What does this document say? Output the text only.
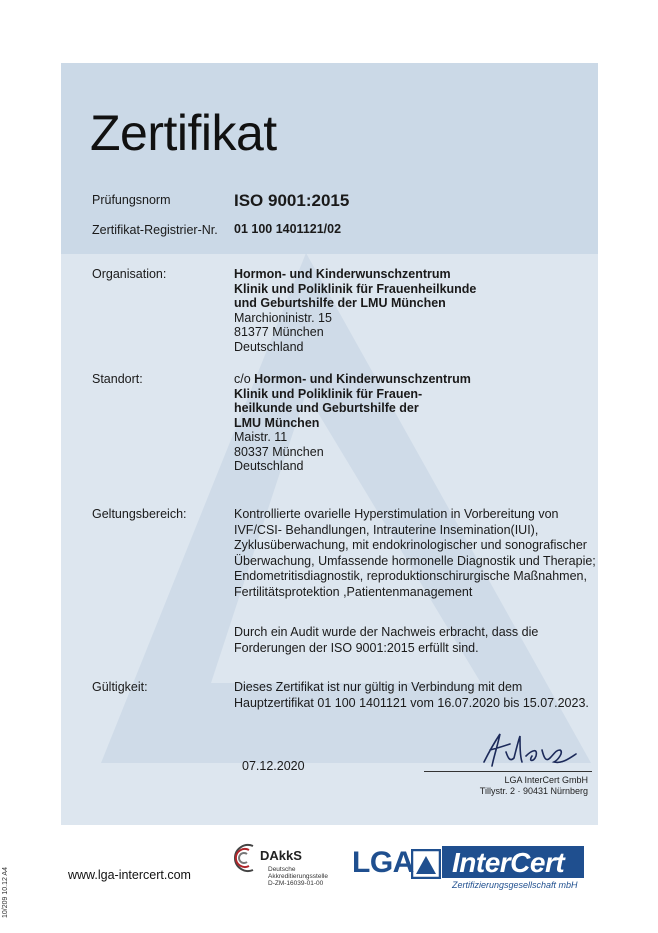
Zertifikat
Prüfungsnorm	ISO 9001:2015
Zertifikat-Registrier-Nr. 01 100 1401121/02
Organisation:	Hormon- und Kinderwunschzentrum
Klinik und Poliklinik für Frauenheilkunde
und Geburtshilfe der LMU München
Marchioninistr. 15
81377 München
Deutschland
Standort:	c/o Hormon- und Kinderwunschzentrum
Klinik und Poliklinik für Frauen-
heilkunde und Geburtshilfe der
LMU München
Maistr. 11
80337 München
Deutschland
Geltungsbereich:	Kontrollierte ovarielle Hyperstimulation in Vorbereitung von
IVF/CSI- Behandlungen, Intrauterine Insemination(IUI),
Zyklusüberwachung, mit endokrinologischer und sonografischer
Überwachung, Umfassende hormonelle Diagnostik und Therapie;
Endometritisdiagnostik, reproduktionschirurgische Maßnahmen,
Fertilitätsprotektion ,Patientenmanagement
Durch ein Audit wurde der Nachweis erbracht, dass die
Forderungen der ISO 9001:2015 erfüllt sind.
Gültigkeit:	Dieses Zertifikat ist nur gültig in Verbindung mit dem
Hauptzertifikat 01 100 1401121 vom 16.07.2020 bis 15.07.2023.
07.12.2020
LGA InterCert GmbH
Tillystr. 2 · 90431 Nürnberg
www.lga-intercert.com
10/209 10.12 A4
DAkkS
Deutsche
Akkreditierungsstelle
D-ZM-16039-01-00
LGA InterCert
Zertifizierungsgesellschaft mbH
